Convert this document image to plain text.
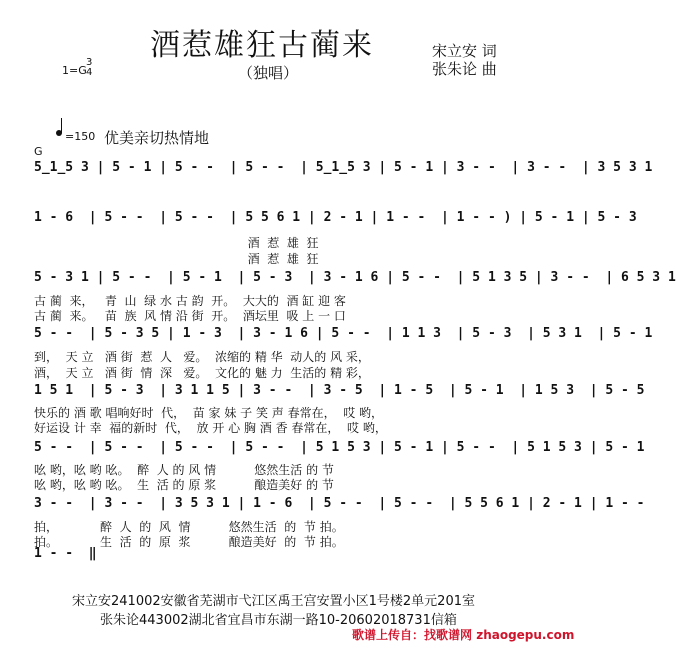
酒惹雄狂古蔺来
（独唱）
1=G
3
4
宋立安 词
张朱论 曲
=150 优美亲切热情地
G
5̲1̲5 3 | 5 - 1 | 5 - -  | 5 - -  | 5̲1̲5 3 | 5 - 1 | 3 - -  | 3 - -  | 3 5 3 1
1 - 6  | 5 - -  | 5 - -  | 5 5 6 1 | 2 - 1 | 1 - -  | 1 - - ) | 5 - 1 | 5 - 3
酒  惹  雄  狂
酒  惹  雄  狂
5 - 3 1 | 5 - -  | 5 - 1  | 5 - 3  | 3 - 1 6 | 5 - -  | 5 1 3 5 | 3 - -  | 6 5 3 1
古 蔺  来，   青  山  绿 水 古 韵  开。  大大的  酒 缸 迎 客
古 蔺  来。   苗  族  风 情 沿 街  开。  酒坛里  吸 上 一 口
5 - -  | 5 - 3 5 | 1 - 3  | 3 - 1 6 | 5 - -  | 1 1 3  | 5 - 3  | 5 3 1  | 5 - 1
到，  天 立   酒 街  惹  人   爱。  浓缩的 精 华  动人的 风 采，
酒，  天 立   酒 街  情  深   爱。  文化的 魅 力  生活的 精 彩，
1 5 1  | 5 - 3  | 3 1 1 5 | 3 - -  | 3 - 5  | 1 - 5  | 5 - 1  | 1 5 3  | 5 - 5
快乐的 酒 歌 唱响好时  代，  苗 家 妹 子 笑 声 春常在，  哎 哟，
好运设 计 幸  福的新时  代，  放 开 心 胸 酒 香 春常在，  哎 哟，
5 - -  | 5 - -  | 5 - -  | 5 - -  | 5 1 5 3 | 5 - 1 | 5 - -  | 5 1 5 3 | 5 - 1
吆 哟，吆 哟 吆。  醉  人 的 风 情          悠然生活 的 节
吆 哟，吆 哟 吆。  生  活 的 原 浆          酿造美好 的 节
3 - -  | 3 - -  | 3 5 3 1 | 1 - 6  | 5 - -  | 5 - -  | 5 5 6 1 | 2 - 1 | 1 - -
拍，           醉  人  的  风  情          悠然生活  的  节 拍。
拍。           生  活  的  原  浆          酿造美好  的  节 拍。
1 - -  ‖
宋立安241002安徽省芜湖市弋江区禹王宫安置小区1号楼2单元201室
张朱论443002湖北省宜昌市东湖一路10-20602018731信箱
歌谱上传自：找歌谱网 zhaogepu.com
